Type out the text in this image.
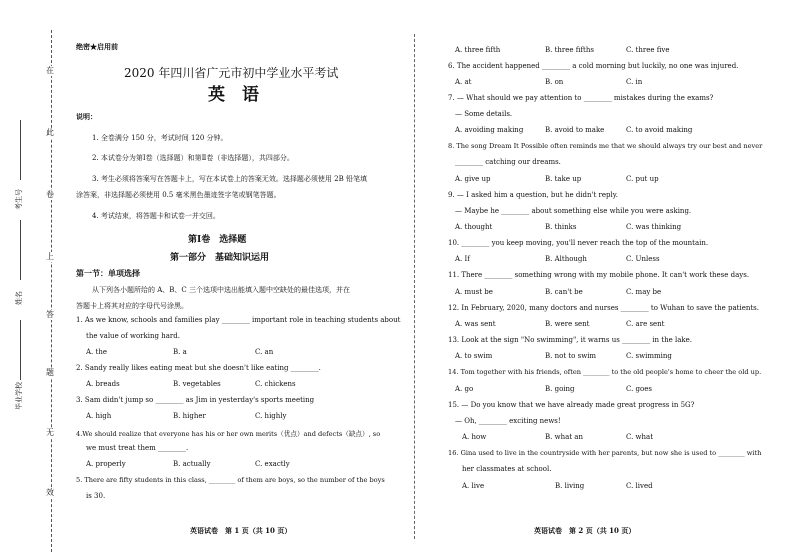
在
此
卷
上
答
题
无
效
考生号
姓名
毕业学校
绝密★启用前
2020 年四川省广元市初中学业水平考试
英　语
说明：
1. 全卷满分 150 分，考试时间 120 分钟。
2. 本试卷分为第Ⅰ卷（选择题）和第Ⅱ卷（非选择题），共四部分。
3. 考生必须将答案写在答题卡上，写在本试卷上的答案无效。选择题必须使用 2B 铅笔填
涂答案，非选择题必须使用 0.5 毫米黑色墨迹签字笔或钢笔答题。
4. 考试结束，将答题卡和试卷一并交回。
第Ⅰ卷　选择题
第一部分　基础知识运用
第一节：单项选择
从下列各小题所给的 A、B、C 三个选项中选出能填入题中空缺处的最佳选项，并在
答题卡上将其对应的字母代号涂黑。
1. As we know, schools and families play ________ important role in teaching students about
the value of working hard.
A. the	B. a	C. an
2. Sandy really likes eating meat but she doesn't like eating ________.
A. breads	B. vegetables	C. chickens
3. Sam didn't jump so ________ as Jim in yesterday's sports meeting
A. high	B. higher	C. highly
4.We should realize that everyone has his or her own merits（优点）and defects（缺点）, so
we must treat them ________.
A. properly	B. actually	C. exactly
5. There are fifty students in this class, ________ of them are boys, so the number of the boys
is 30.
英语试卷　第 1 页（共 10 页）
A. three fifth	B. three fifths	C. three five
6. The accident happened ________ a cold morning but luckily, no one was injured.
A. at	B. on	C. in
7. — What should we pay attention to ________ mistakes during the exams?
— Some details.
A. avoiding making	B. avoid to make	C. to avoid making
8. The song Dream It Possible often reminds me that we should always try our best and never
________ catching our dreams.
A. give up	B. take up	C. put up
9. — I asked him a question, but he didn't reply.
— Maybe he ________ about something else while you were asking.
A. thought	B. thinks	C. was thinking
10. ________ you keep moving, you'll never reach the top of the mountain.
A. If	B. Although	C. Unless
11. There ________ something wrong with my mobile phone. It can't work these days.
A. must be	B. can't be	C. may be
12. In February, 2020, many doctors and nurses ________ to Wuhan to save the patients.
A. was sent	B. were sent	C. are sent
13. Look at the sign "No swimming", it warns us ________ in the lake.
A. to swim	B. not to swim	C. swimming
14. Tom together with his friends, often ________ to the old people's home to cheer the old up.
A. go	B. going	C. goes
15. — Do you know that we have already made great progress in 5G?
— Oh, ________ exciting news!
A. how	B. what an	C. what
16. Gina used to live in the countryside with her parents, but now she is used to ________ with
her classmates at school.
A. live	B. living	C. lived
英语试卷　第 2 页（共 10 页）
